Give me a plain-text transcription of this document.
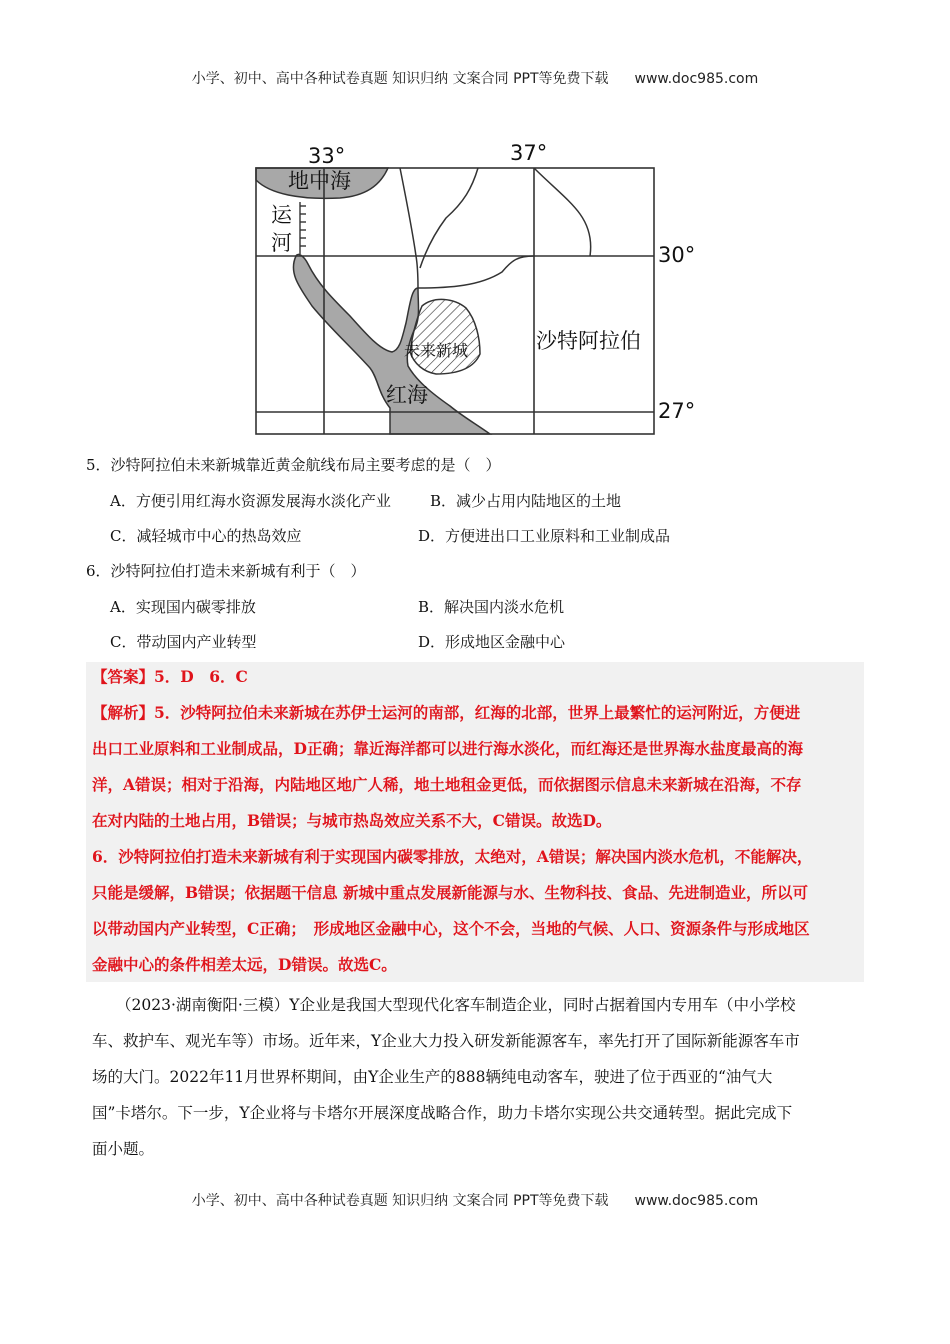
小学、初中、高中各种试卷真题 知识归纳 文案合同 PPT等免费下载 www.doc985.com
33°	37°
30°
27°
地中海
运
河
未来新城	沙特阿拉伯
红海
5．沙特阿拉伯未来新城靠近黄金航线布局主要考虑的是（　）
A．方便引用红海水资源发展海水淡化产业	B．减少占用内陆地区的土地
C．减轻城市中心的热岛效应	D．方便进出口工业原料和工业制成品
6．沙特阿拉伯打造未来新城有利于（　）
A．实现国内碳零排放	B．解决国内淡水危机
C．带动国内产业转型	D．形成地区金融中心
【答案】5．D　6．C
【解析】5．沙特阿拉伯未来新城在苏伊士运河的南部，红海的北部，世界上最繁忙的运河附近，方便进
出口工业原料和工业制成品，D正确；靠近海洋都可以进行海水淡化，而红海还是世界海水盐度最高的海
洋，A错误；相对于沿海，内陆地区地广人稀，地土地租金更低，而依据图示信息未来新城在沿海，不存
在对内陆的土地占用，B错误；与城市热岛效应关系不大，C错误。故选D。
6．沙特阿拉伯打造未来新城有利于实现国内碳零排放，太绝对，A错误；解决国内淡水危机，不能解决，
只能是缓解，B错误；依据题干信息 新城中重点发展新能源与水、生物科技、食品、先进制造业，所以可
以带动国内产业转型，C正确；　形成地区金融中心，这个不会，当地的气候、人口、资源条件与形成地区
金融中心的条件相差太远，D错误。故选C。
（2023·湖南衡阳·三模）Y企业是我国大型现代化客车制造企业，同时占据着国内专用车（中小学校
车、救护车、观光车等）市场。近年来，Y企业大力投入研发新能源客车，率先打开了国际新能源客车市
场的大门。2022年11月世界杯期间，由Y企业生产的888辆纯电动客车，驶进了位于西亚的“油气大
国”卡塔尔。下一步，Y企业将与卡塔尔开展深度战略合作，助力卡塔尔实现公共交通转型。据此完成下
面小题。
小学、初中、高中各种试卷真题 知识归纳 文案合同 PPT等免费下载 www.doc985.com
